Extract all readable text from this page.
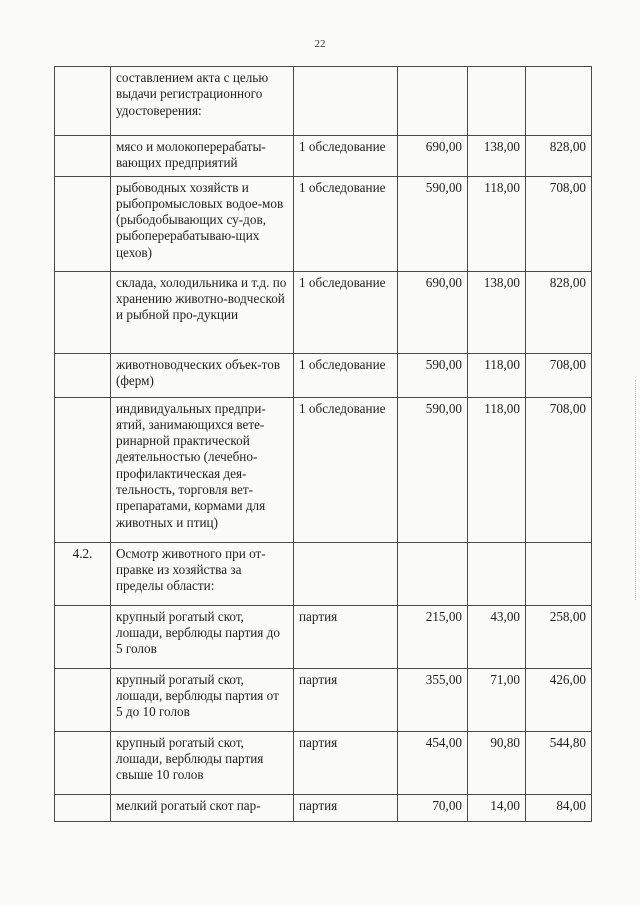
22
	составлением акта с целью выдачи регистрационного удостоверения:				
	мясо и молокоперерабаты-вающих предприятий	1 обследование	690,00	138,00	828,00
	рыбоводных хозяйств и рыбопромысловых водое-мов (рыбодобывающих су-дов, рыбоперерабатываю-щих цехов)	1 обследование	590,00	118,00	708,00
	склада, холодильника и т.д. по хранению животно-водческой и рыбной про-дукции	1 обследование	690,00	138,00	828,00
	животноводческих объек-тов (ферм)	1 обследование	590,00	118,00	708,00
	индивидуальных предпри-ятий, занимающихся вете-ринарной практической деятельностью (лечебно-профилактическая дея-тельность, торговля вет-препаратами, кормами для животных и птиц)	1 обследование	590,00	118,00	708,00
4.2.	Осмотр животного при от-правке из хозяйства за пределы области:				
	крупный рогатый скот, лошади, верблюды партия до 5 голов	партия	215,00	43,00	258,00
	крупный рогатый скот, лошади, верблюды партия от 5 до 10 голов	партия	355,00	71,00	426,00
	крупный рогатый скот, лошади, верблюды партия свыше 10 голов	партия	454,00	90,80	544,80
	мелкий рогатый скот пар-	партия	70,00	14,00	84,00
